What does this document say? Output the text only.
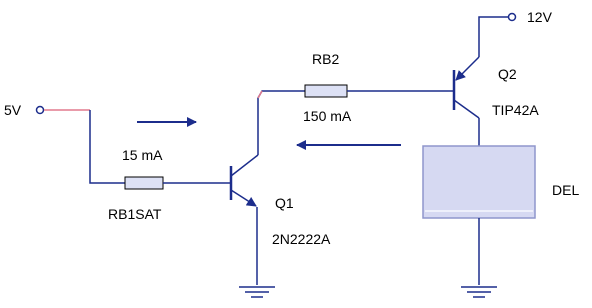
5V
15 mA
RB1SAT
Q1
2N2222A
RB2
150 mA
Q2
TIP42A
12V
DEL
